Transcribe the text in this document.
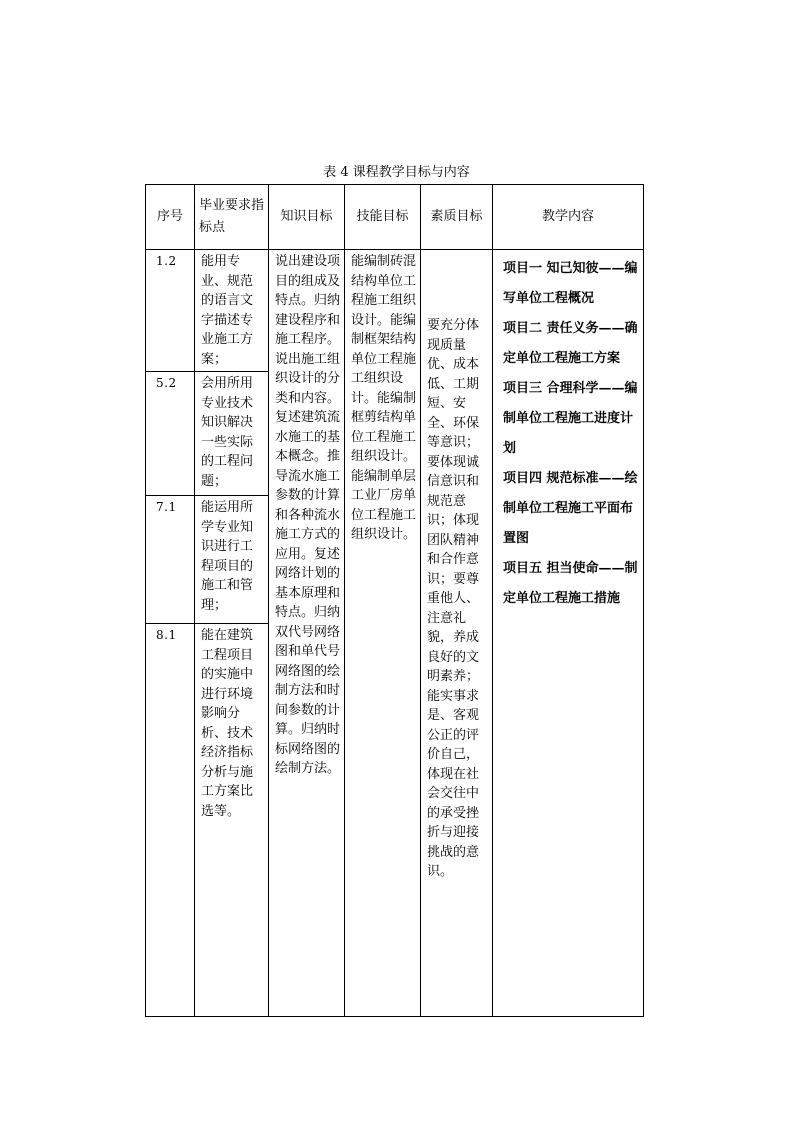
表 4 课程教学目标与内容
序号	毕业要求指标点	知识目标	技能目标	素质目标	教学内容

1.2	能用专业、规范的语言文字描述专业施工方案；	说出建设项目的组成及特点。归纳建设程序和施工程序。说出施工组织设计的分类和内容。复述建筑流水施工的基本概念。推导流水施工参数的计算和各种流水施工方式的应用。复述网络计划的基本原理和特点。归纳双代号网络图和单代号网络图的绘制方法和时间参数的计算。归纳时标网络图的绘制方法。	能编制砖混结构单位工程施工组织设计。能编制框架结构单位工程施工组织设计。能编制框剪结构单位工程施工组织设计。能编制单层工业厂房单位工程施工组织设计。	要充分体现质量优、成本低、工期短、安全、环保等意识；要体现诚信意识和规范意识；体现团队精神和合作意识；要尊重他人、注意礼貌，养成良好的文明素养；能实事求是、客观公正的评价自己，体现在社会交往中的承受挫折与迎接挑战的意识。	项目一 知己知彼——编写单位工程概况
项目二 责任义务——确定单位工程施工方案
项目三 合理科学——编制单位工程施工进度计划
项目四 规范标准——绘制单位工程施工平面布置图
项目五 担当使命——制定单位工程施工措施

5.2	会用所用专业技术知识解决一些实际的工程问题；				

7.1	能运用所学专业知识进行工程项目的施工和管理；				

8.1	能在建筑工程项目的实施中进行环境影响分析、技术经济指标分析与施工方案比选等。				
